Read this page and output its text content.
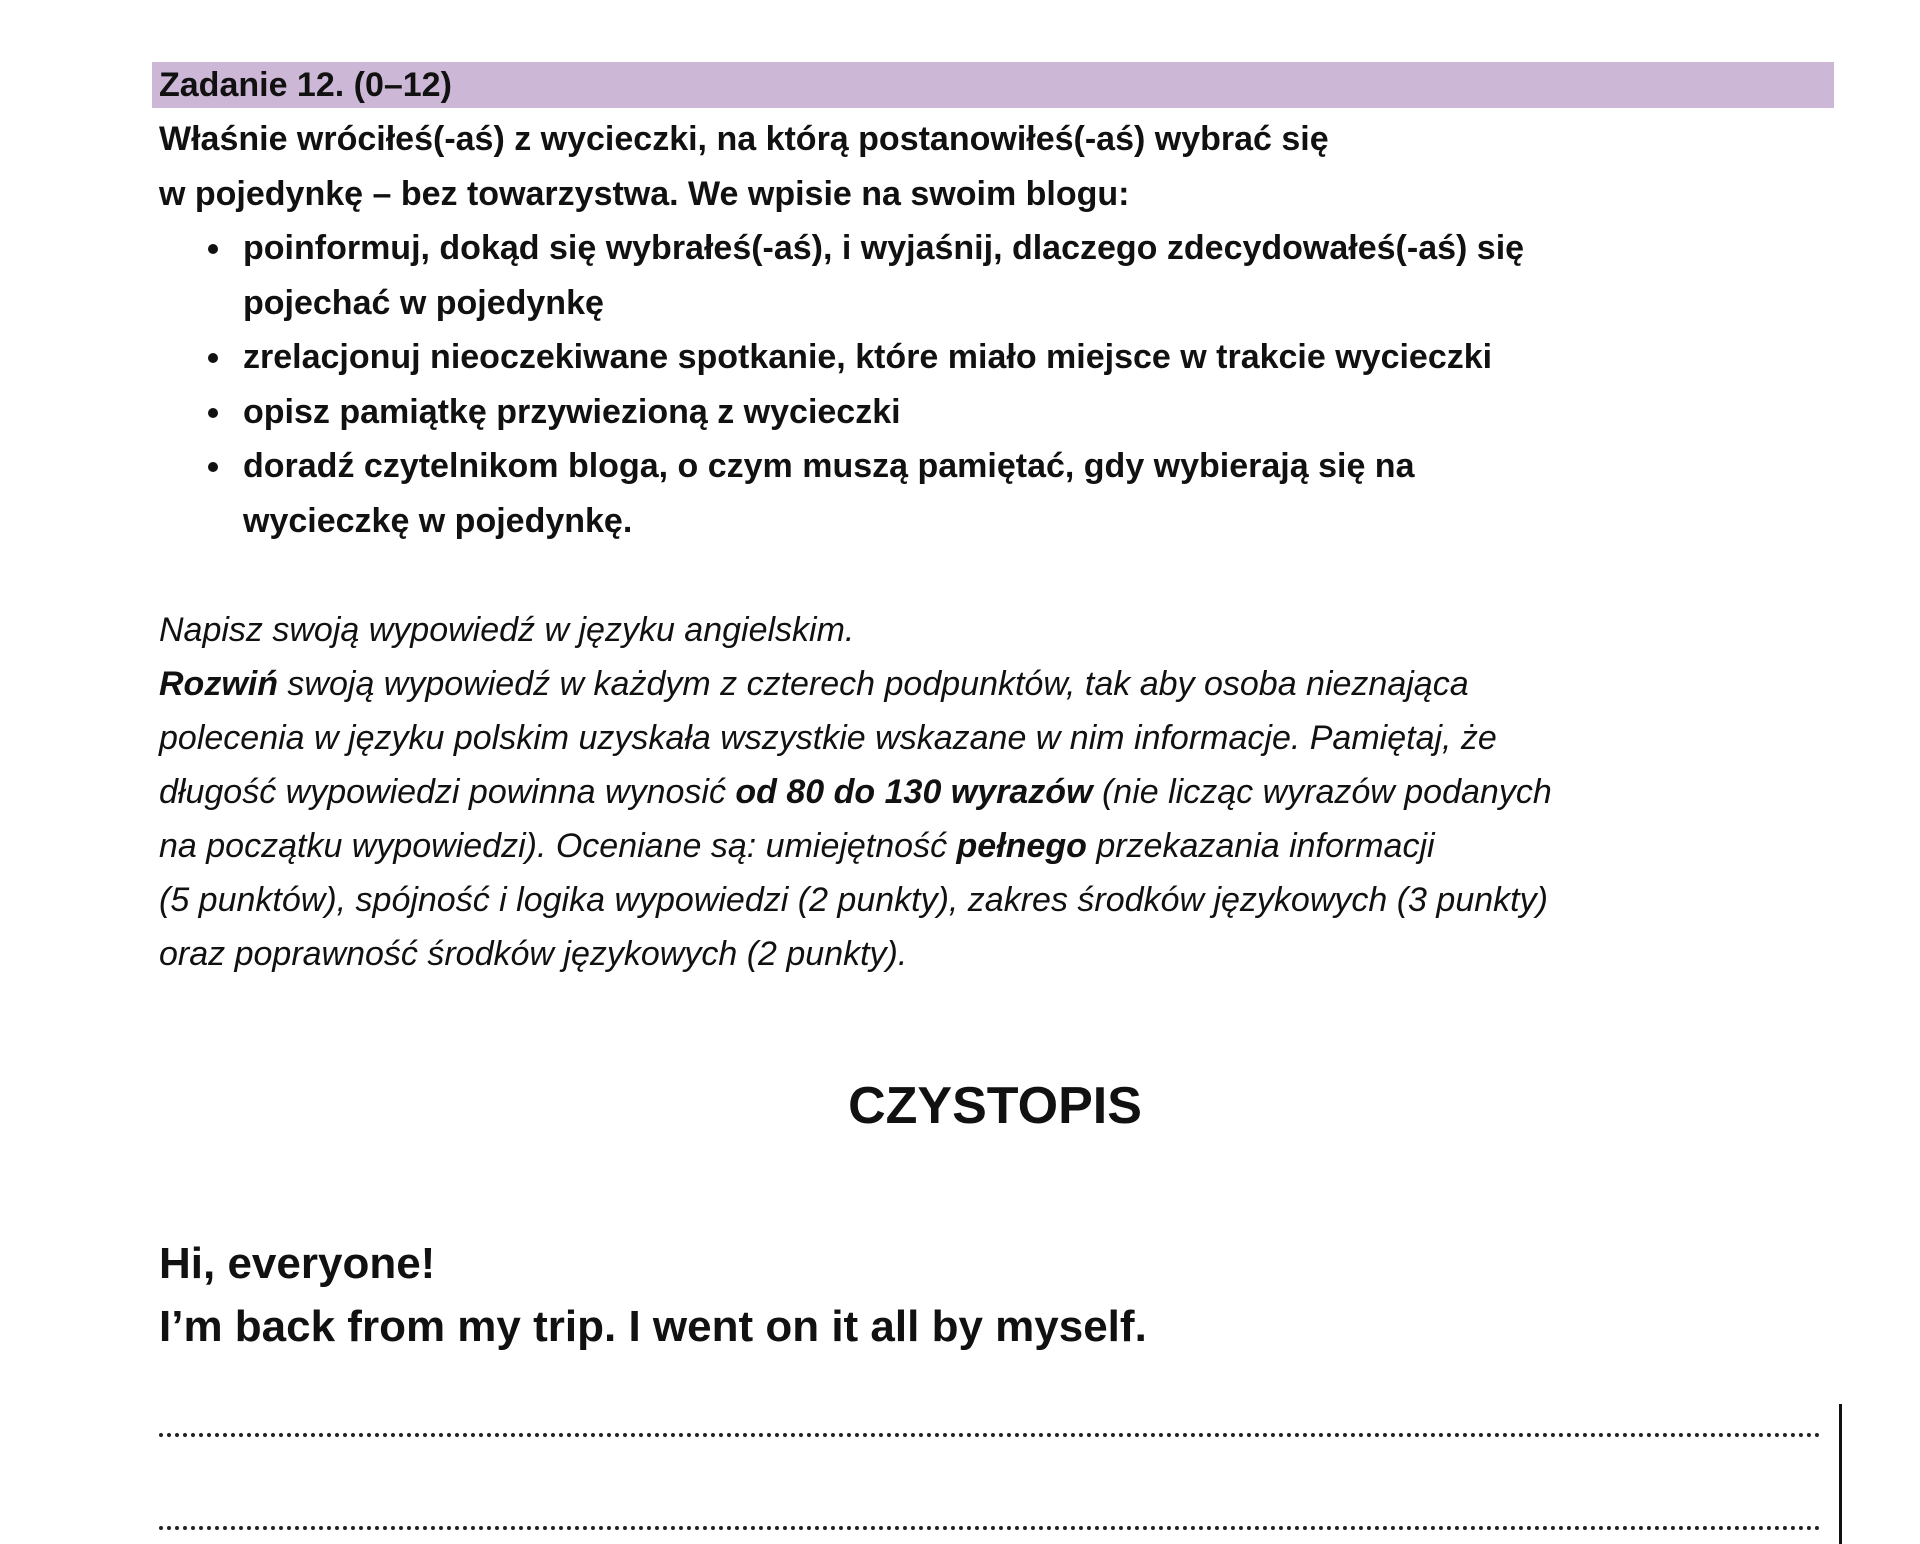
Zadanie 12. (0–12)
Właśnie wróciłeś(-aś) z wycieczki, na którą postanowiłeś(-aś) wybrać się
w pojedynkę – bez towarzystwa. We wpisie na swoim blogu:
poinformuj, dokąd się wybrałeś(-aś), i wyjaśnij, dlaczego zdecydowałeś(-aś) się
pojechać w pojedynkę
zrelacjonuj nieoczekiwane spotkanie, które miało miejsce w trakcie wycieczki
opisz pamiątkę przywiezioną z wycieczki
doradź czytelnikom bloga, o czym muszą pamiętać, gdy wybierają się na
wycieczkę w pojedynkę.
Napisz swoją wypowiedź w języku angielskim.
Rozwiń swoją wypowiedź w każdym z czterech podpunktów, tak aby osoba nieznająca
polecenia w języku polskim uzyskała wszystkie wskazane w nim informacje. Pamiętaj, że
długość wypowiedzi powinna wynosić od 80 do 130 wyrazów (nie licząc wyrazów podanych
na początku wypowiedzi). Oceniane są: umiejętność pełnego przekazania informacji
(5 punktów), spójność i logika wypowiedzi (2 punkty), zakres środków językowych (3 punkty)
oraz poprawność środków językowych (2 punkty).
CZYSTOPIS
Hi, everyone!
I’m back from my trip. I went on it all by myself.
